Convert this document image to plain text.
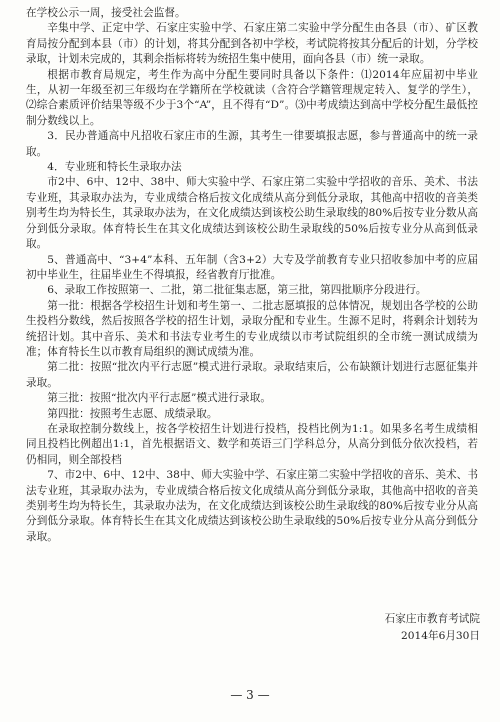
在学校公示一周，接受社会监督。

辛集中学、正定中学、石家庄实验中学、石家庄第二实验中学分配生由各县（市）、矿区教育局按分配到本县（市）的计划，将其分配到各初中学校，考试院将按其分配后的计划，分学校录取，计划未完成的，其剩余指标将转为统招生集中使用，面向各县（市）统一录取。

根据市教育局规定，考生作为高中分配生要同时具备以下条件：⑴2014年应届初中毕业生，从初一年级至初三年级均在学籍所在学校就读（含符合学籍管理规定转入、复学的学生），⑵综合素质评价结果等级不少于3个“A”，且不得有“D”。⑶中考成绩达到高中学校分配生最低控制分数线以上。

3．民办普通高中凡招收石家庄市的生源，其考生一律要填报志愿，参与普通高中的统一录取。

4．专业班和特长生录取办法

市2中、6中、12中、38中、师大实验中学、石家庄第二实验中学招收的音乐、美术、书法专业班，其录取办法为，专业成绩合格后按文化成绩从高分到低分录取，其他高中招收的音美类别考生均为特长生，其录取办法为，在文化成绩达到该校公助生录取线的80%后按专业分数从高分到低分录取。体育特长生在其文化成绩达到该校公助生录取线的50%后按专业分从高到低录取。

5、普通高中、“3+4”本科、五年制（含3+2）大专及学前教育专业只招收参加中考的应届初中毕业生，往届毕业生不得填报，经省教育厅批准。

6、录取工作按照第一、二批，第二批征集志愿，第三批，第四批顺序分段进行。

第一批：根据各学校招生计划和考生第一、二批志愿填报的总体情况，规划出各学校的公助生投档分数线，然后按照各学校的招生计划，录取分配和专业生。生源不足时，将剩余计划转为统招计划。其中音乐、美术和书法专业考生的专业成绩以市考试院组织的全市统一测试成绩为准；体育特长生以市教育局组织的测试成绩为准。

第二批：按照“批次内平行志愿”模式进行录取。录取结束后，公布缺额计划进行志愿征集并录取。

第三批：按照“批次内平行志愿”模式进行录取。

第四批：按照考生志愿、成绩录取。

在录取控制分数线上，按各学校招生计划进行投档，投档比例为1:1。如果多名考生成绩相同且投档比例超出1:1，首先根据语文、数学和英语三门学科总分，从高分到低分依次投档，若仍相同，则全部投档

7、市2中、6中、12中、38中、师大实验中学、石家庄第二实验中学招收的音乐、美术、书法专业班，其录取办法为，专业成绩合格后按文化成绩从高分到低分录取，其他高中招收的音美类别考生均为特长生，其录取办法为，在文化成绩达到该校公助生录取线的80%后按专业分从高分到低分录取。体育特长生在其文化成绩达到该校公助生录取线的50%后按专业分从高分到低分录取。

石家庄市教育考试院
2014年6月30日
— 3 —
